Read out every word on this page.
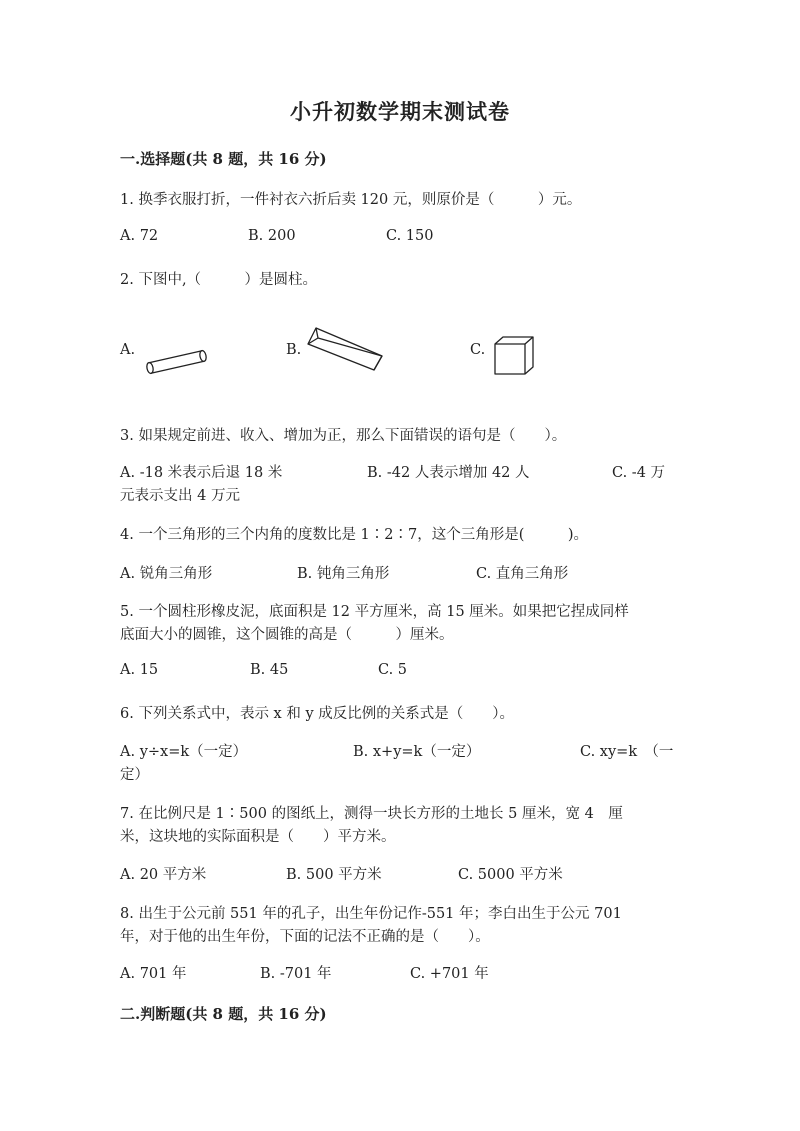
小升初数学期末测试卷
一.选择题(共 8 题，共 16 分)
1. 换季衣服打折，一件衬衣六折后卖 120 元，则原价是（　　　）元。
A. 72	B. 200	C. 150
2. 下图中,（　　　）是圆柱。
A.	B.	C.
3. 如果规定前进、收入、增加为正，那么下面错误的语句是（　　）。
A. -18 米表示后退 18 米	B. -42 人表示增加 42 人	C. -4 万
元表示支出 4 万元
4. 一个三角形的三个内角的度数比是 1∶2∶7，这个三角形是(　　　)。
A. 锐角三角形	B. 钝角三角形	C. 直角三角形
5. 一个圆柱形橡皮泥，底面积是 12 平方厘米，高 15 厘米。如果把它捏成同样
底面大小的圆锥，这个圆锥的高是（　　　）厘米。
A. 15	B. 45	C. 5
6. 下列关系式中，表示 x 和 y 成反比例的关系式是（　　）。
A. y÷x=k（一定）	B. x+y=k（一定）	C. xy=k　（一
定）
7. 在比例尺是 1∶500 的图纸上，测得一块长方形的土地长 5 厘米，宽 4　厘
米，这块地的实际面积是（　　）平方米。
A. 20 平方米	B. 500 平方米	C. 5000 平方米
8. 出生于公元前 551 年的孔子，出生年份记作-551 年；李白出生于公元 701
年，对于他的出生年份，下面的记法不正确的是（　　）。
A. 701 年	B. -701 年	C. +701 年
二.判断题(共 8 题，共 16 分)
